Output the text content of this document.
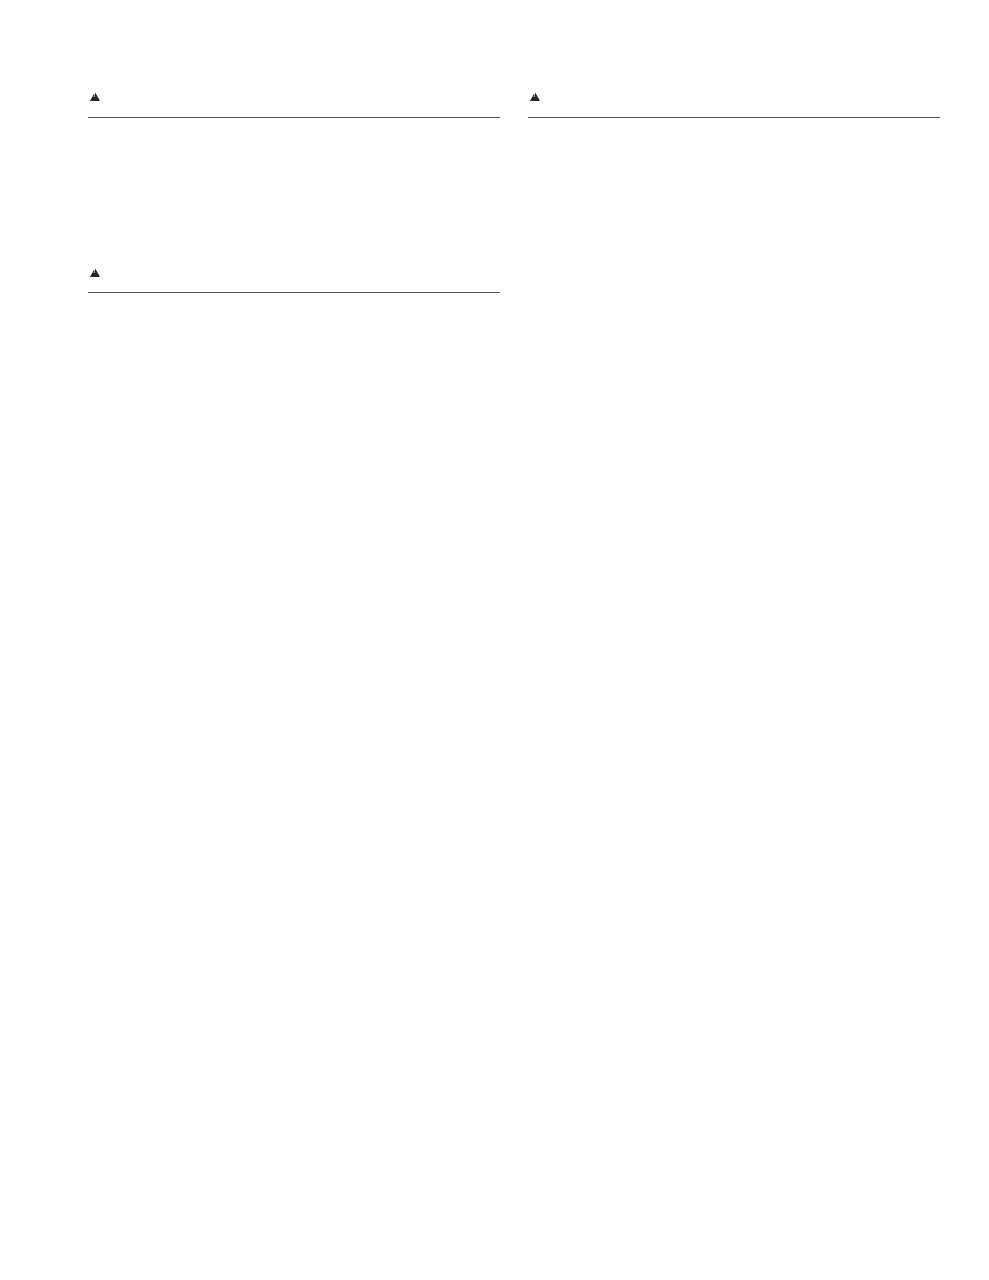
!
!
!
